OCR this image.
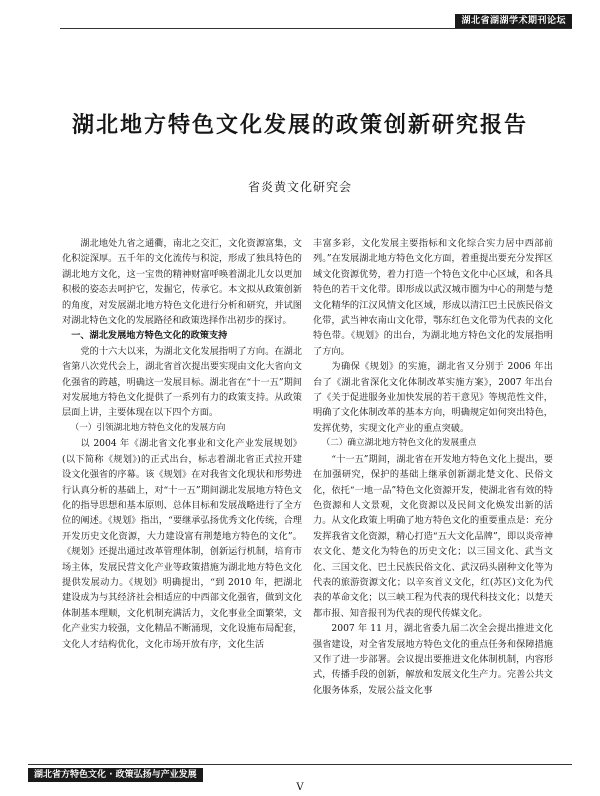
湖北省湖湖学术期刊论坛
湖北地方特色文化发展的政策创新研究报告
省炎黄文化研究会

湖北地处九省之通衢，南北之交汇，文化资源富集，文化积淀深厚。五千年的文化流传与积淀，形成了独具特色的湖北地方文化，这一宝贵的精神财富呼唤着湖北儿女以更加积极的姿态去呵护它，发掘它，传承它。本文拟从政策创新的角度，对发展湖北地方特色文化进行分析和研究，并试图对湖北特色文化的发展路径和政策选择作出初步的探讨。

一、湖北发展地方特色文化的政策支持

党的十六大以来，为湖北文化发展指明了方向。在湖北省第八次党代会上，湖北省首次提出要实现由文化大省向文化强省的跨越，明确这一发展目标。湖北省在“十一五”期间对发展地方特色文化提供了一系列有力的政策支持。从政策层面上讲，主要体现在以下四个方面。

（一）引领湖北地方特色文化的发展方向

以 2004 年《湖北省文化事业和文化产业发展规划》(以下简称《规划》)的正式出台，标志着湖北省正式拉开建设文化强省的序幕。该《规划》在对我省文化现状和形势进行认真分析的基础上，对“十一五”期间湖北发展地方特色文化的指导思想和基本原则、总体目标和发展战略进行了全方位的阐述。《规划》指出，“要继承弘扬优秀文化传统，合理开发历史文化资源，大力建设富有荆楚地方特色的文化”。《规划》还提出通过改革管理体制，创新运行机制，培育市场主体，发展民营文化产业等政策措施为湖北地方特色文化提供发展动力。《规划》明确提出，“到 2010 年，把湖北建设成为与其经济社会相适应的中西部文化强省，做到文化体制基本理顺，文化机制充满活力，文化事业全面繁荣，文化产业实力较强，文化精品不断涌现，文化设施布局配套，文化人才结构优化，文化市场开放有序，文化生活

丰富多彩，文化发展主要指标和文化综合实力居中西部前列。”在发展湖北地方特色文化方面，着重提出要充分发挥区域文化资源优势，着力打造一个特色文化中心区域，和各具特色的若干文化带。即形成以武汉城市圈为中心的荆楚与楚文化精华的江汉风情文化区域，形成以清江巴土民族民俗文化带，武当神农南山文化带，鄂东红色文化带为代表的文化特色带。《规划》的出台，为湖北地方特色文化的发展指明了方向。

为确保《规划》的实施，湖北省又分别于 2006 年出台了《湖北省深化文化体制改革实施方案》，2007 年出台了《关于促进服务业加快发展的若干意见》等规范性文件，明确了文化体制改革的基本方向，明确规定如何突出特色，发挥优势，实现文化产业的重点突破。

（二）确立湖北地方特色文化的发展重点

“十一五”期间，湖北省在开发地方特色文化上提出，要在加强研究，保护的基础上继承创新湖北楚文化、民俗文化，依托“一地一品”特色文化资源开发，使湖北省有效的特色资源和人文景观，文化资源以及民间文化焕发出新的活力。从文化政策上明确了地方特色文化的重要重点是：充分发挥我省文化资源，精心打造“五大文化品牌”，即以炎帝神农文化、楚文化为特色的历史文化；以三国文化、武当文化、三国文化、巴土民族民俗文化、武汉码头剧种文化等为代表的旅游资源文化；以辛亥首义文化，红(苏区)文化为代表的革命文化；以三峡工程为代表的现代科技文化；以楚天都市报、知音报刊为代表的现代传媒文化。

2007 年 11 月，湖北省委九届二次全会提出推进文化强省建设，对全省发展地方特色文化的重点任务和保障措施又作了进一步部署。会议提出要推进文化体制机制，内容形式，传播手段的创新，解放和发展文化生产力。完善公共文化服务体系，发展公益文化事

湖北省方特色文化 · 政策弘扬与产业发展
V
